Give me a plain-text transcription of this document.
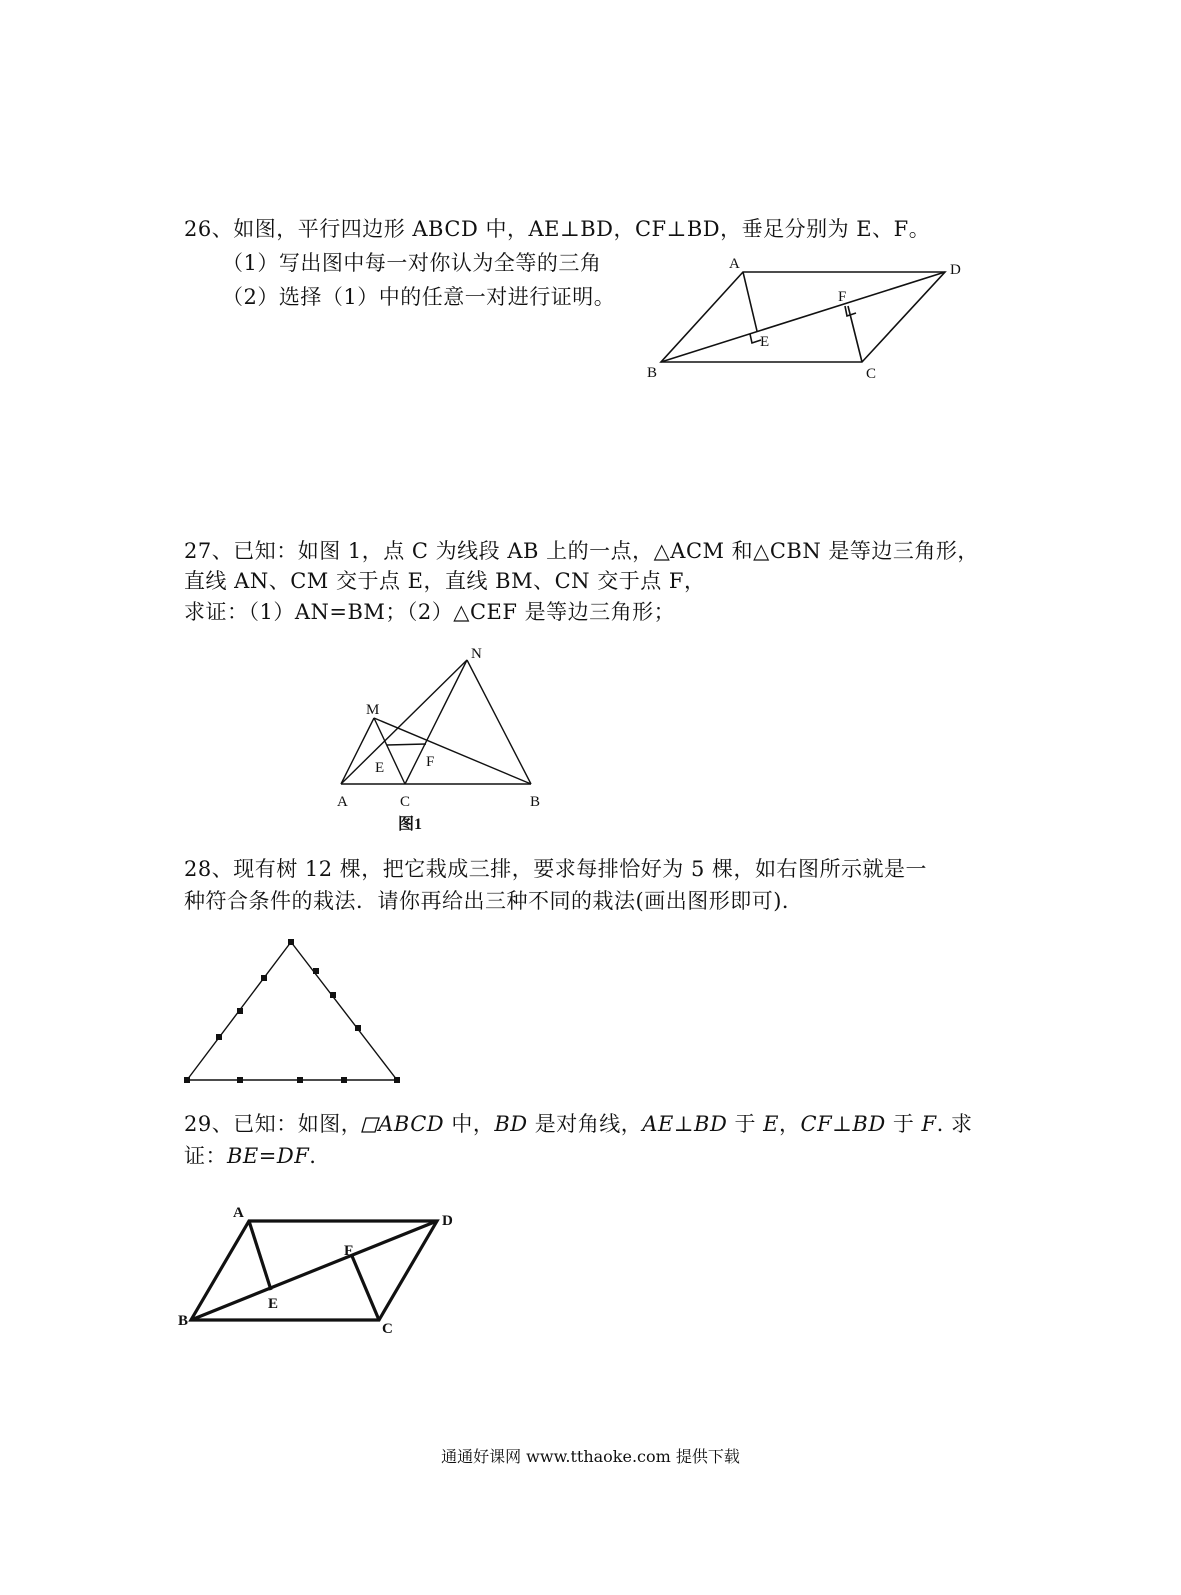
26、如图，平行四边形 ABCD 中，AE⊥BD，CF⊥BD，垂足分别为 E、F。
（1）写出图中每一对你认为全等的三角
（2）选择（1）中的任意一对进行证明。
A	D
F
E
B	C
27、已知：如图 1，点 C 为线段 AB 上的一点，△ACM 和△CBN 是等边三角形，
直线 AN、CM 交于点 E，直线 BM、CN 交于点 F，
求证：（1）AN=BM；（2）△CEF 是等边三角形；
N
M
E	F
A	C	B
图1
28、现有树 12 棵，把它栽成三排，要求每排恰好为 5 棵，如右图所示就是一
种符合条件的栽法．请你再给出三种不同的栽法(画出图形即可)．
29、已知：如图， ABCD 中，BD 是对角线，AE⊥BD 于 E，CF⊥BD 于 F. 求
证：BE=DF.
A	D
F
E
B	C
通通好课网 www.tthaoke.com 提供下载
